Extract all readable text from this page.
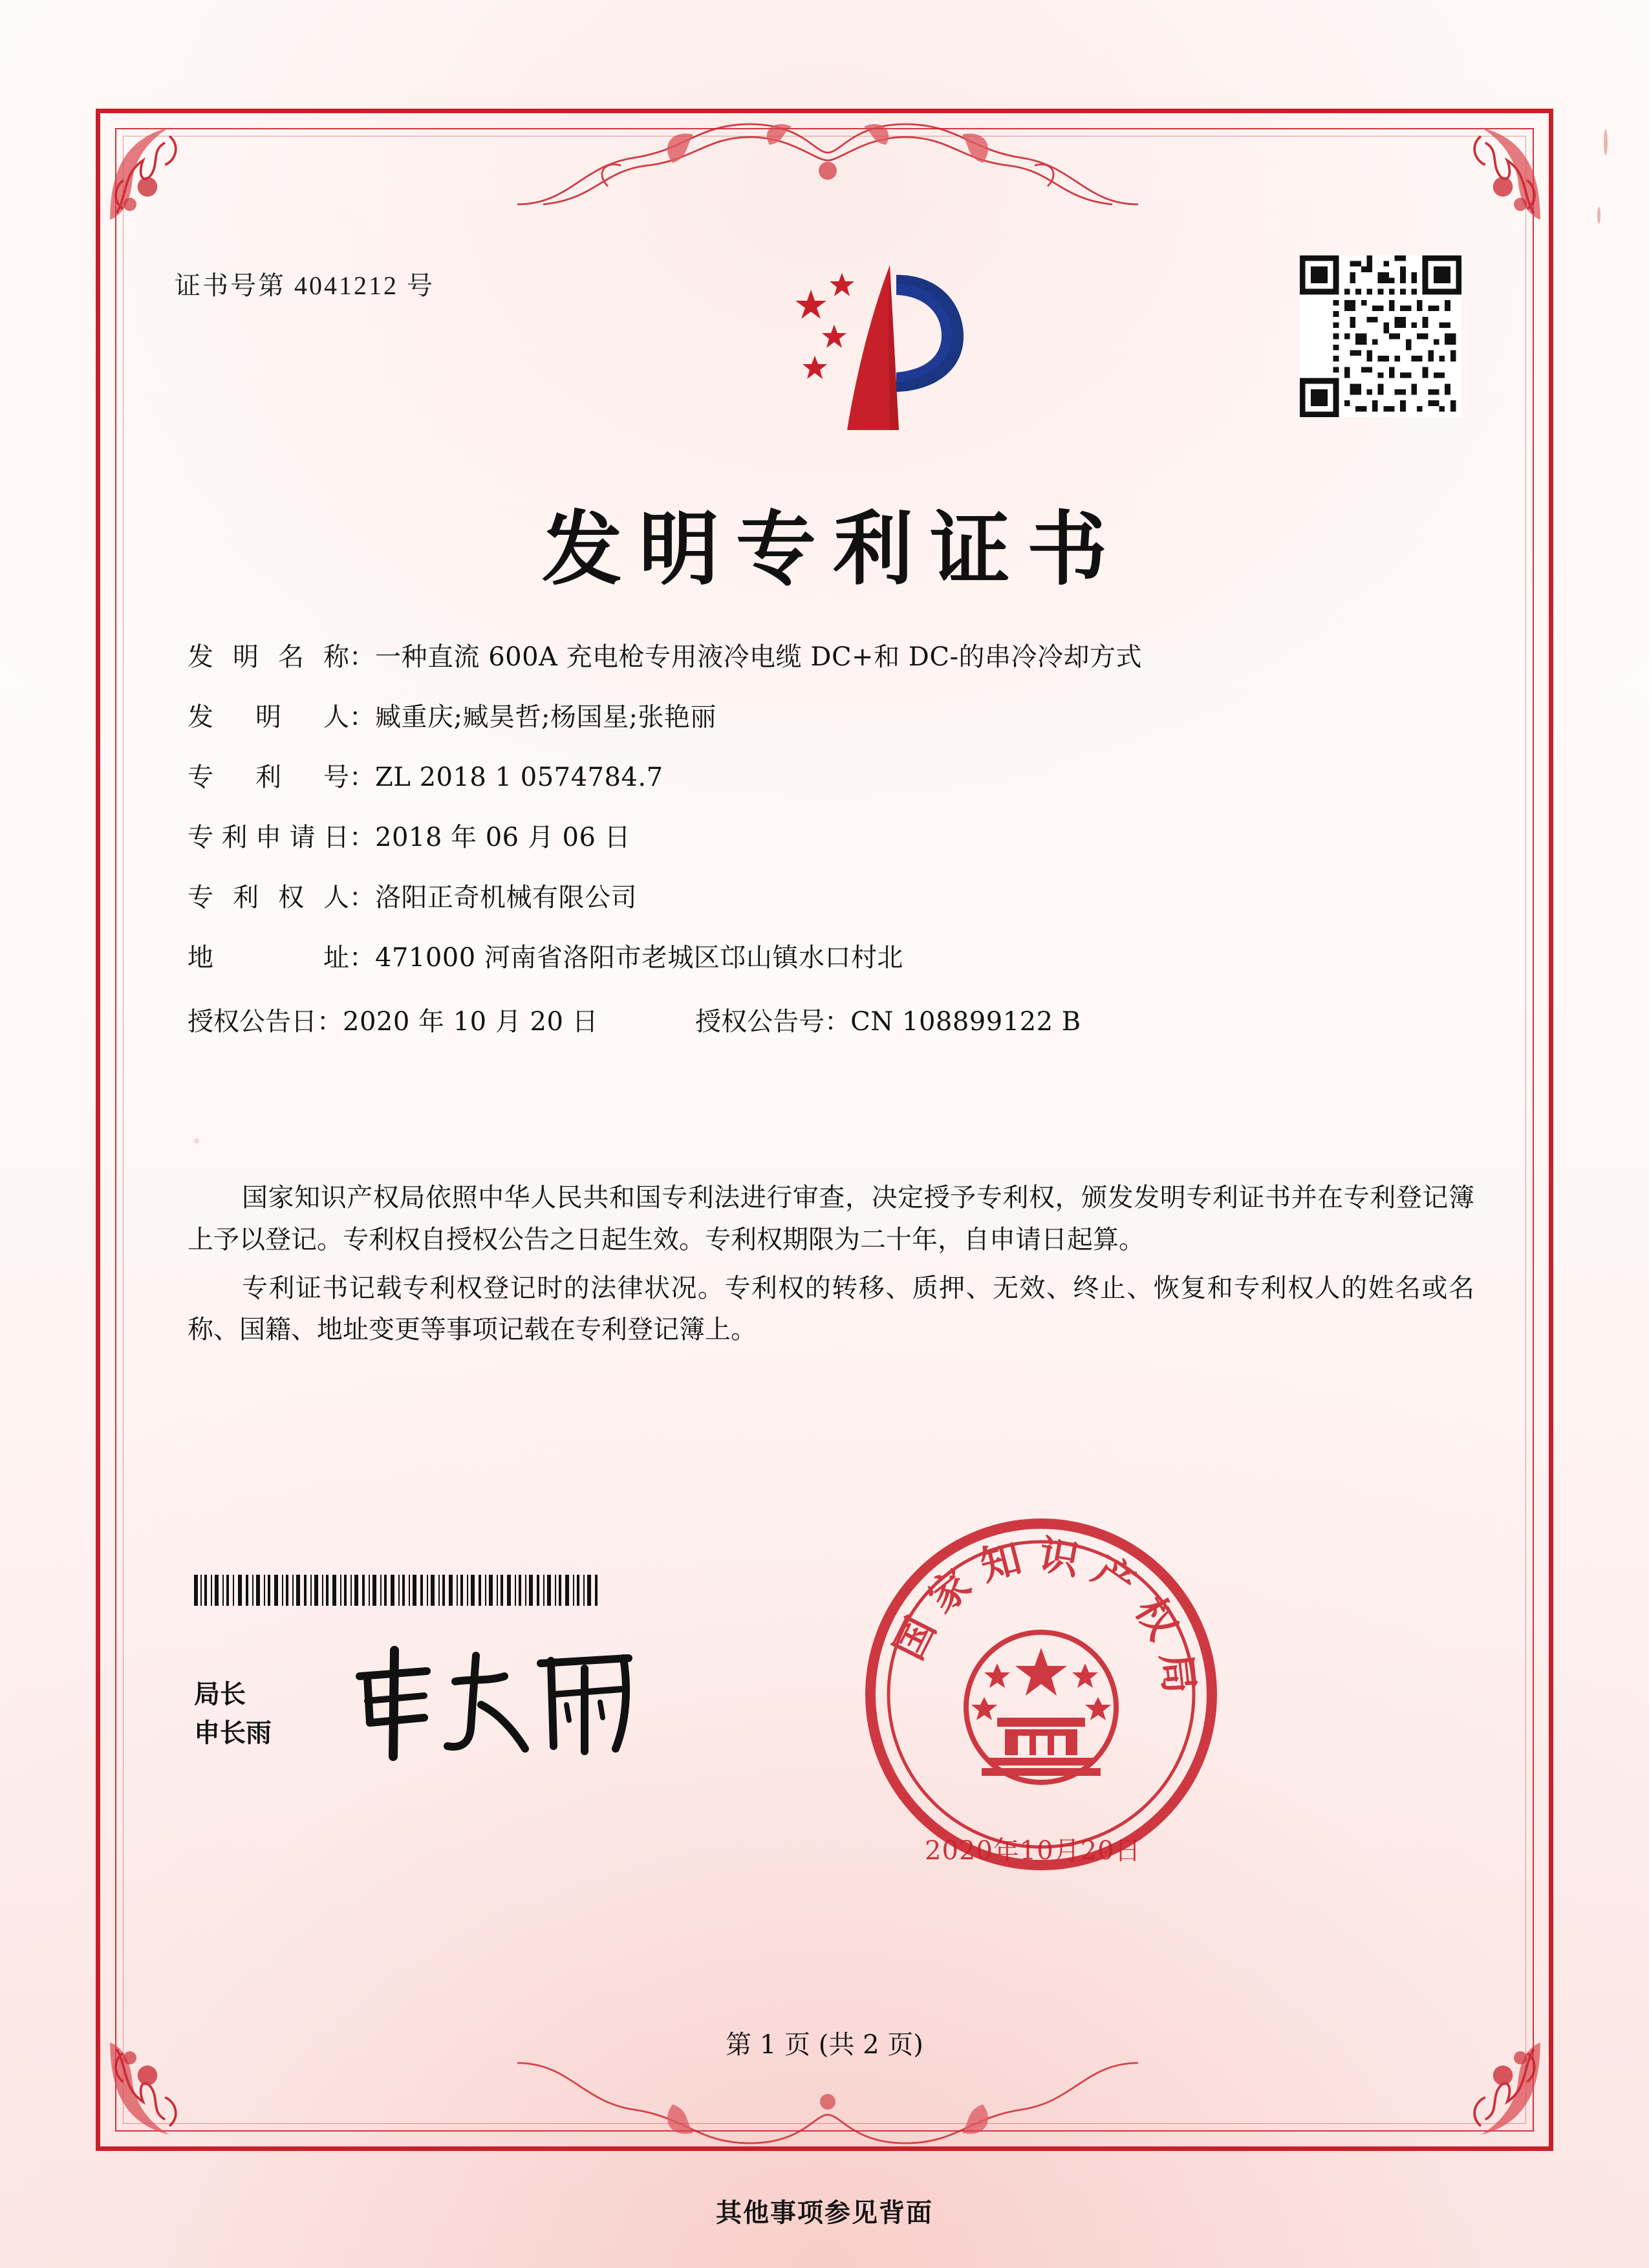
证书号第 4041212 号
发明专利证书
发明名称 ： 一种直流 600A 充电枪专用液冷电缆 DC+和 DC-的串冷冷却方式
发明人 ： 臧重庆;臧昊哲;杨国星;张艳丽
专利号 ： ZL 2018 1 0574784.7
专利申请日 ： 2018 年 06 月 06 日
专利权人 ： 洛阳正奇机械有限公司
地址 ： 471000 河南省洛阳市老城区邙山镇水口村北
授权公告日 ： 2020 年 10 月 20 日	授权公告号 ： CN 108899122 B
国家知识产权局依照中华人民共和国专利法进行审查，决定授予专利权，颁发发明专利证书并在专利登记簿上予以登记。专利权自授权公告之日起生效。专利权期限为二十年，自申请日起算。
专利证书记载专利权登记时的法律状况。专利权的转移、质押、无效、终止、恢复和专利权人的姓名或名称、国籍、地址变更等事项记载在专利登记簿上。
局长
申长雨
国家知识产权局
2020年10月20日
第 1 页 (共 2 页)
其他事项参见背面
